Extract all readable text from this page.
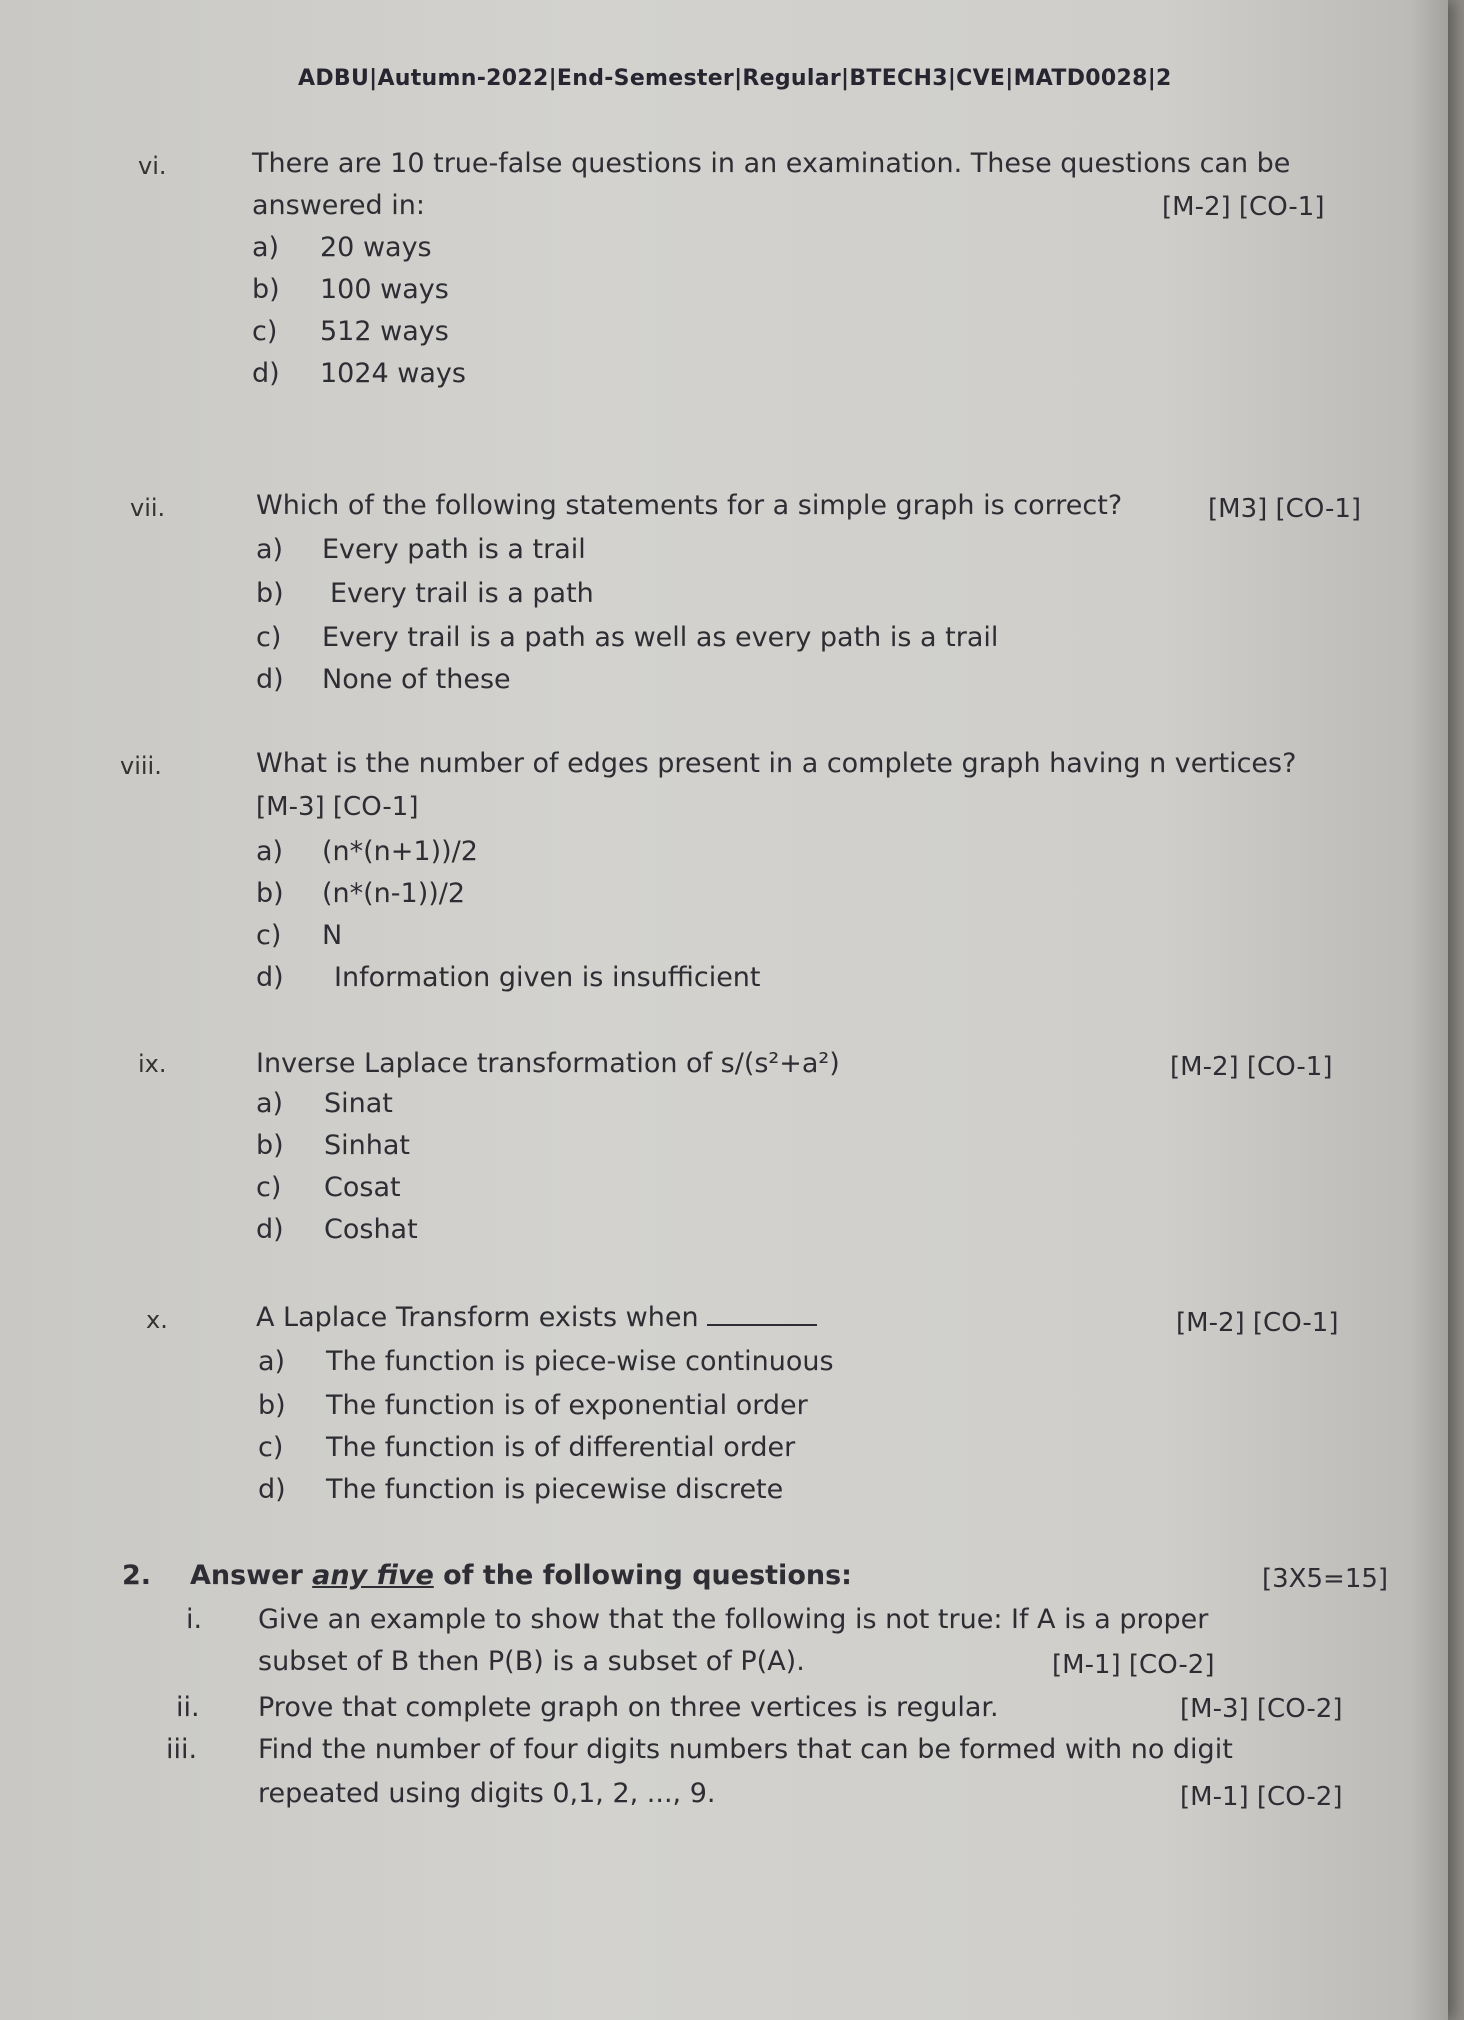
ADBU|Autumn-2022|End-Semester|Regular|BTECH3|CVE|MATD0028|2
vi.	There are 10 true-false questions in an examination. These questions can be
answered in:	[M-2] [CO-1]
a) 20 ways
b) 100 ways
c) 512 ways
d) 1024 ways
vii.	Which of the following statements for a simple graph is correct?	[M3] [CO-1]
a) Every path is a trail
b) Every trail is a path
c) Every trail is a path as well as every path is a trail
d) None of these
viii.	What is the number of edges present in a complete graph having n vertices?
[M-3] [CO-1]
a) (n*(n+1))/2
b) (n*(n-1))/2
c) N
d) Information given is insufficient
ix.	Inverse Laplace transformation of s/(s²+a²)	[M-2] [CO-1]
a) Sinat
b) Sinhat
c) Cosat
d) Coshat
x.	A Laplace Transform exists when	[M-2] [CO-1]
a) The function is piece-wise continuous
b) The function is of exponential order
c) The function is of differential order
d) The function is piecewise discrete
2. Answer any five of the following questions:	[3X5=15]
i. Give an example to show that the following is not true: If A is a proper
subset of B then P(B) is a subset of P(A).	[M-1] [CO-2]
ii. Prove that complete graph on three vertices is regular.	[M-3] [CO-2]
iii. Find the number of four digits numbers that can be formed with no digit
repeated using digits 0,1, 2, ..., 9.	[M-1] [CO-2]
